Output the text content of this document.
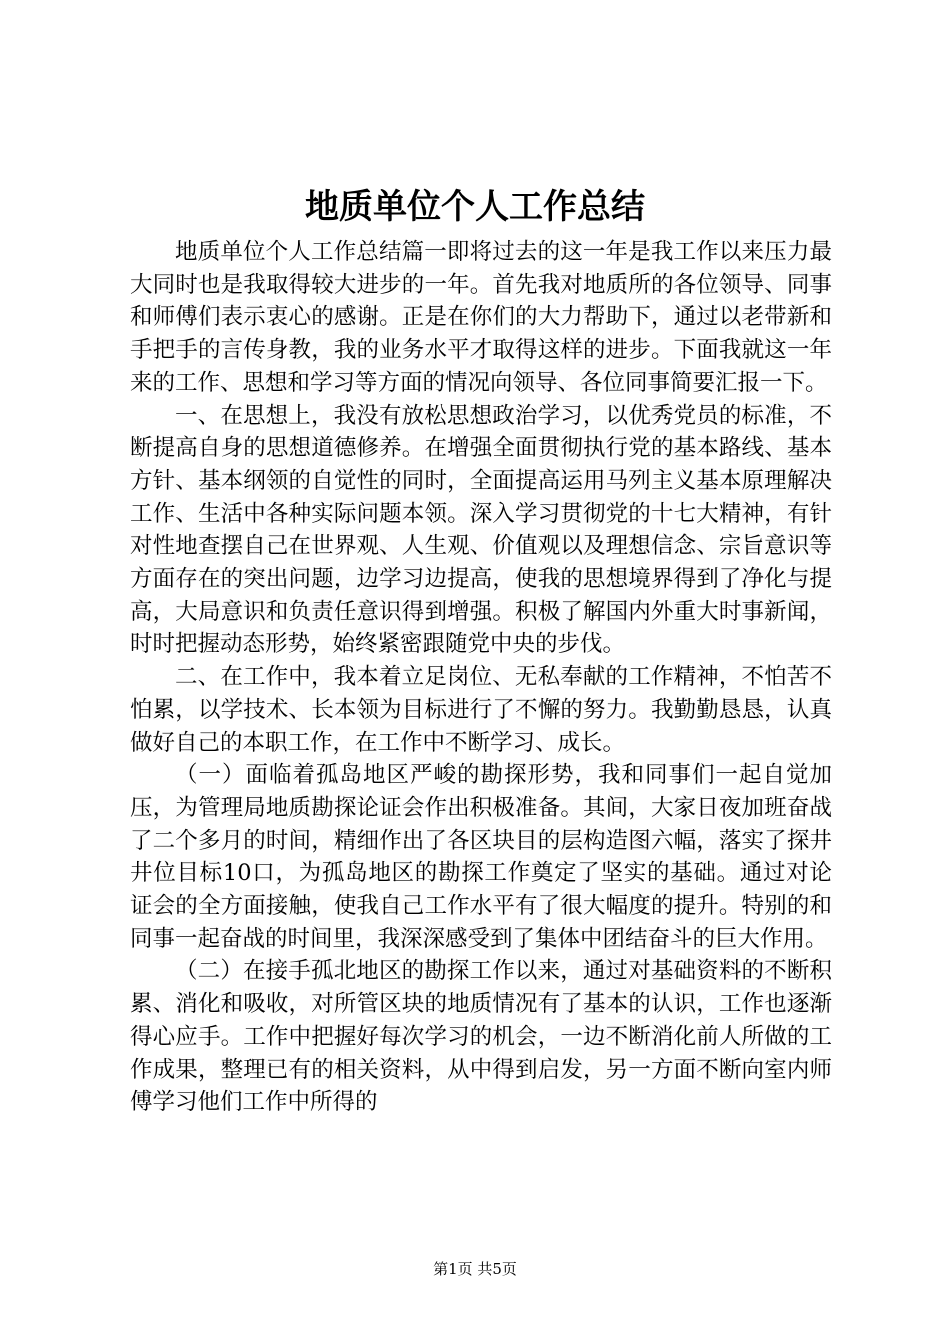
地质单位个人工作总结

地质单位个人工作总结篇一即将过去的这一年是我工作以来压力最大同时也是我取得较大进步的一年。首先我对地质所的各位领导、同事和师傅们表示衷心的感谢。正是在你们的大力帮助下，通过以老带新和手把手的言传身教，我的业务水平才取得这样的进步。下面我就这一年来的工作、思想和学习等方面的情况向领导、各位同事简要汇报一下。

一、在思想上，我没有放松思想政治学习，以优秀党员的标准，不断提高自身的思想道德修养。在增强全面贯彻执行党的基本路线、基本方针、基本纲领的自觉性的同时，全面提高运用马列主义基本原理解决工作、生活中各种实际问题本领。深入学习贯彻党的十七大精神，有针对性地查摆自己在世界观、人生观、价值观以及理想信念、宗旨意识等方面存在的突出问题，边学习边提高，使我的思想境界得到了净化与提高，大局意识和负责任意识得到增强。积极了解国内外重大时事新闻，时时把握动态形势，始终紧密跟随党中央的步伐。

二、在工作中，我本着立足岗位、无私奉献的工作精神，不怕苦不怕累，以学技术、长本领为目标进行了不懈的努力。我勤勤恳恳，认真做好自己的本职工作，在工作中不断学习、成长。

（一）面临着孤岛地区严峻的勘探形势，我和同事们一起自觉加压，为管理局地质勘探论证会作出积极准备。其间，大家日夜加班奋战了二个多月的时间，精细作出了各区块目的层构造图六幅，落实了探井井位目标10口，为孤岛地区的勘探工作奠定了坚实的基础。通过对论证会的全方面接触，使我自己工作水平有了很大幅度的提升。特别的和同事一起奋战的时间里，我深深感受到了集体中团结奋斗的巨大作用。

（二）在接手孤北地区的勘探工作以来，通过对基础资料的不断积累、消化和吸收，对所管区块的地质情况有了基本的认识，工作也逐渐得心应手。工作中把握好每次学习的机会，一边不断消化前人所做的工作成果，整理已有的相关资料，从中得到启发，另一方面不断向室内师傅学习他们工作中所得的

第1页 共5页
